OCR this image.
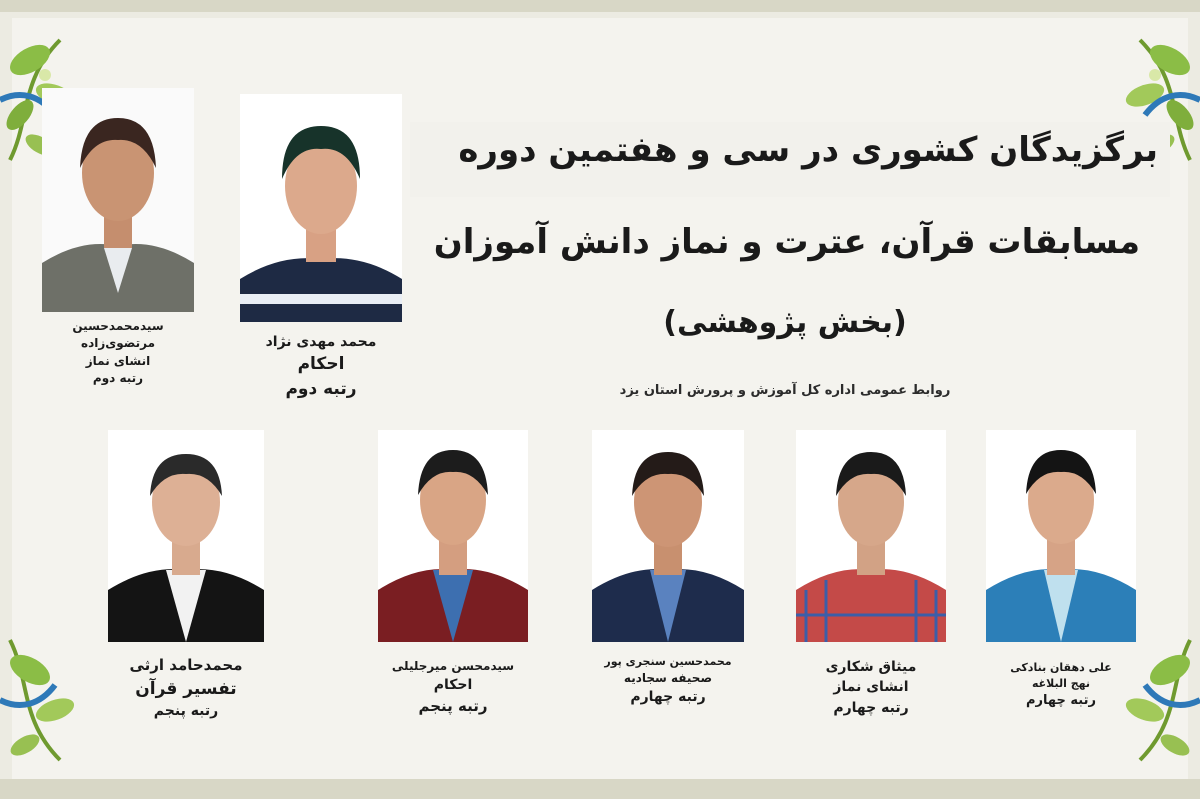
برگزیدگان کشوری در سی و هفتمین دوره
مسابقات قرآن، عترت و نماز دانش آموزان
(بخش پژوهشی)
روابط عمومی اداره کل آموزش و پرورش استان یزد
سیدمحمدحسین
مرتضوی‌زاده
انشای نماز
رتبه دوم
محمد مهدی نژاد
احکام
رتبه دوم
محمدحامد ارثی
تفسیر قرآن
رتبه پنجم
سیدمحسن میرجلیلی
احکام
رتبه پنجم
محمدحسین سنجری پور
صحیفه سجادیه
رتبه چهارم
میثاق شکاری
انشای نماز
رتبه چهارم
علی دهقان بنادکی
نهج البلاغه
رتبه چهارم
